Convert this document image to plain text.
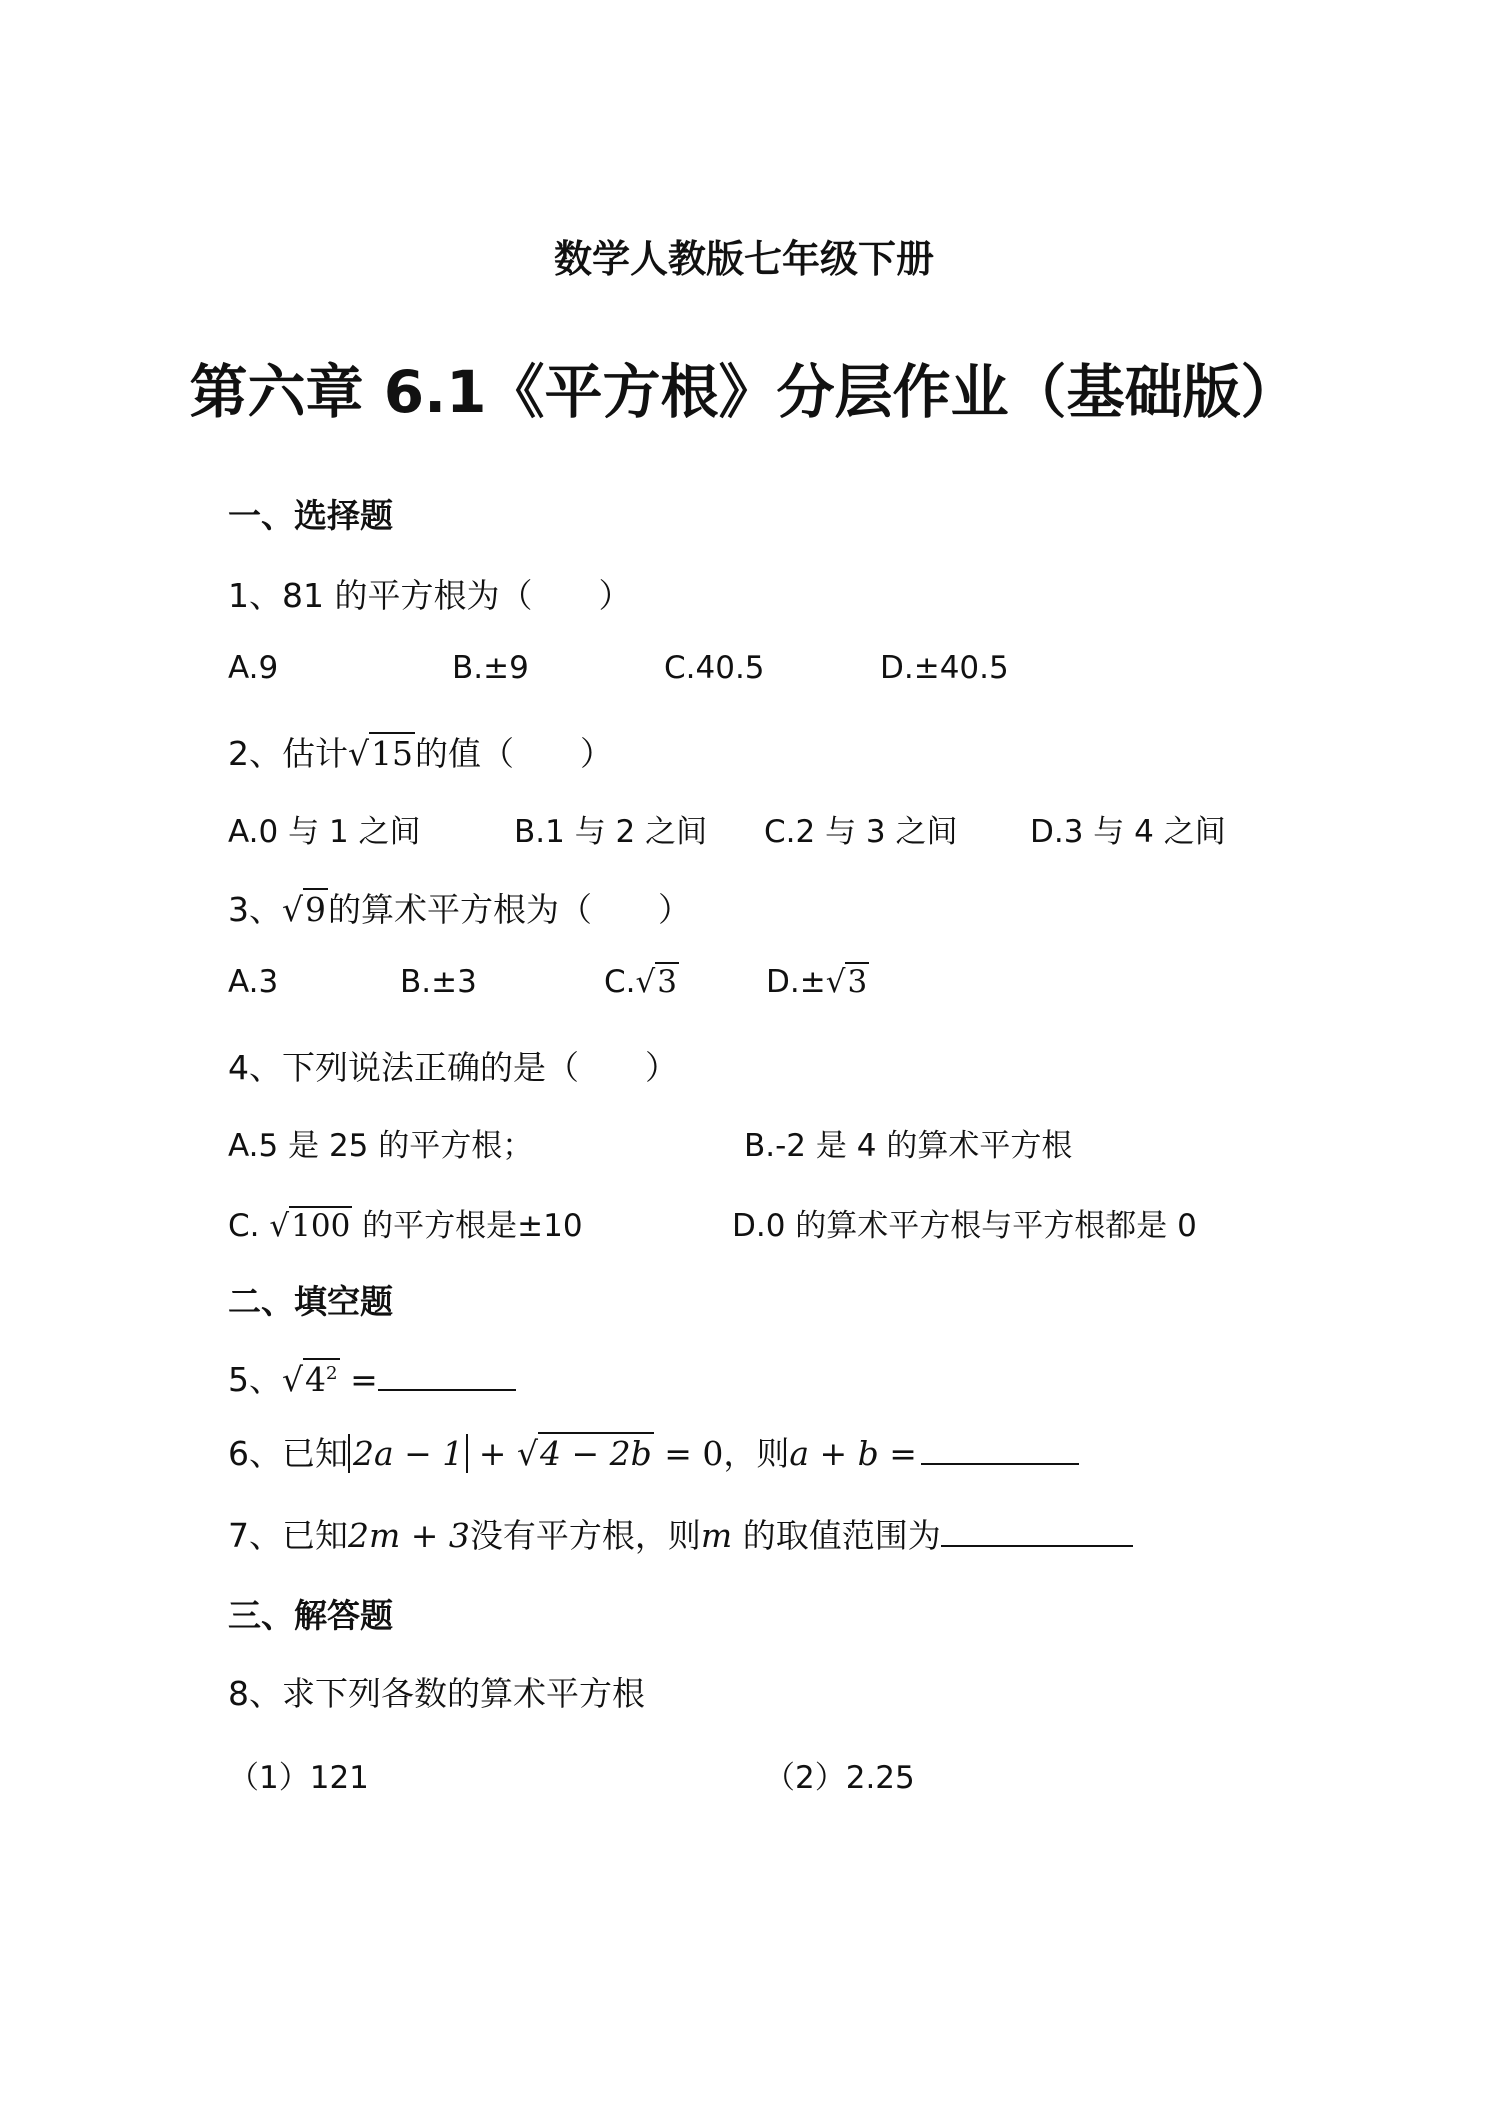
数学人教版七年级下册
第六章 6.1《平方根》分层作业（基础版）
一、选择题
1、81 的平方根为（　　）
A.9	B.±9	C.40.5	D.±40.5
2、估计√15的值（　　）
A.0 与 1 之间	B.1 与 2 之间 C.2 与 3 之间 D.3 与 4 之间
3、√9的算术平方根为（　　）
A.3	B.±3	C.√3	D.±√3
4、下列说法正确的是（　　）
A.5 是 25 的平方根；	B.-2 是 4 的算术平方根
C. √100 的平方根是±10	D.0 的算术平方根与平方根都是 0
二、填空题
5、$√4^2$ =
6、已知 2a − 1 + √4 − 2b = 0，则a + b =
7、已知2m + 3没有平方根，则m 的取值范围为
三、解答题
8、求下列各数的算术平方根
（1）121	（2）2.25
